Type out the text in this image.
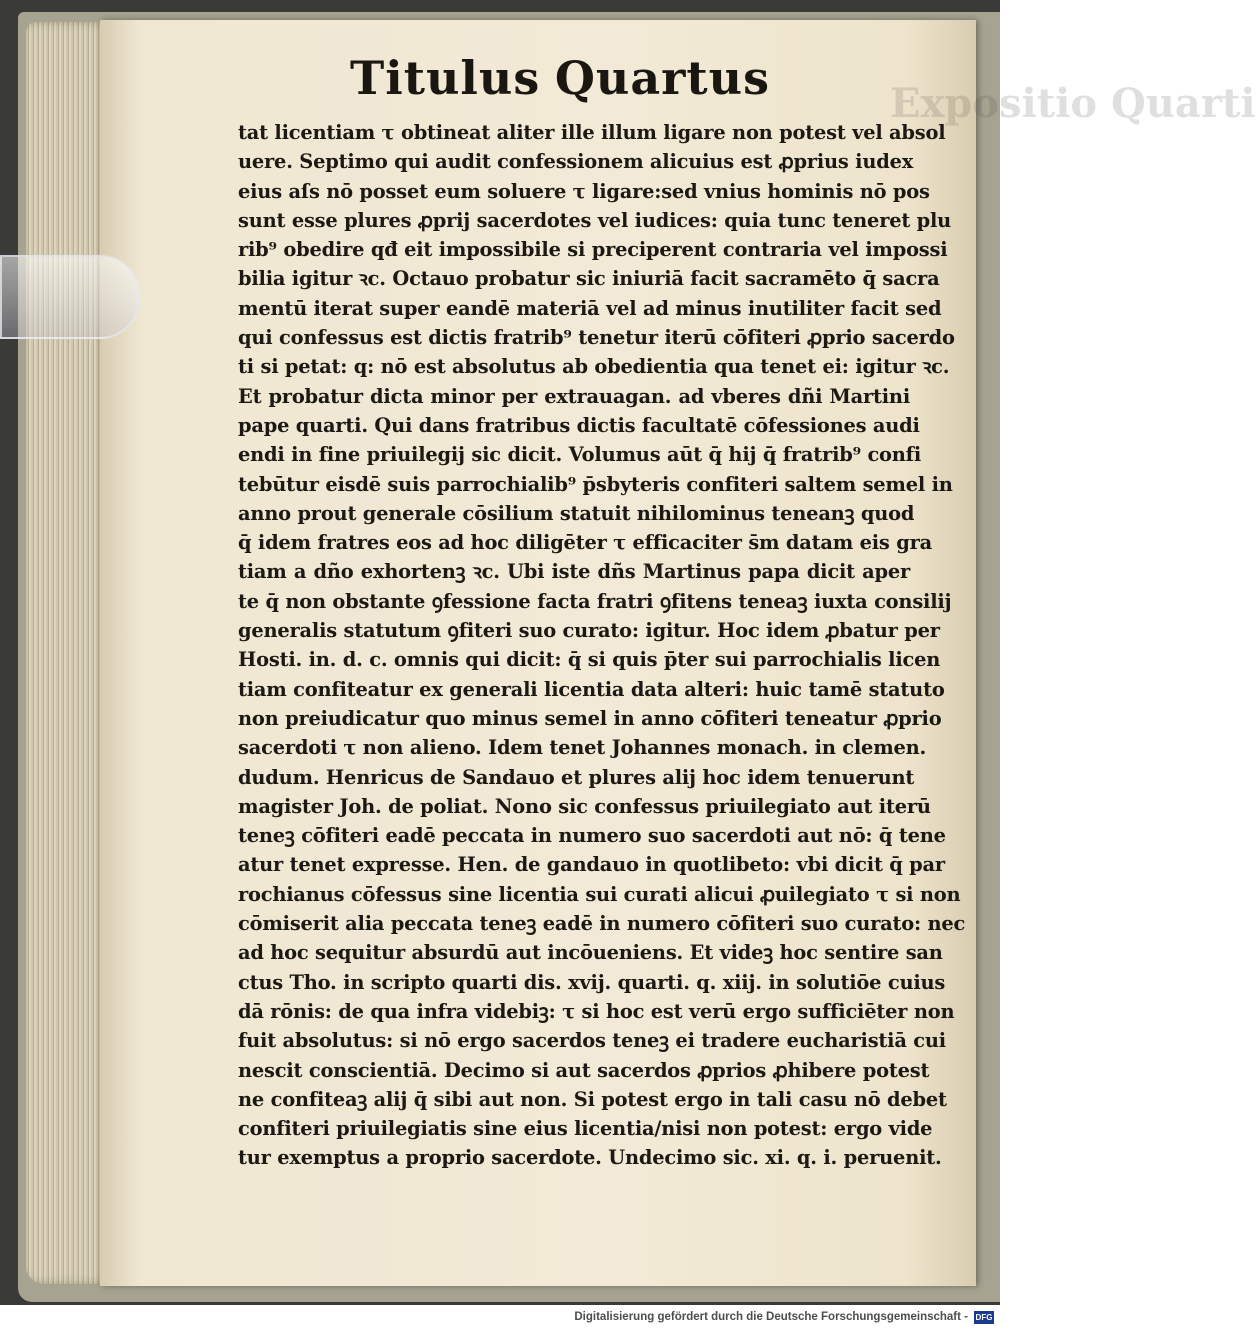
Expositio Quarti
Titulus Quartus
tat licentiam τ obtineat aliter ille illum ligare non potest vel absol
uere. Septimo qui audit confessionem alicuius est ꝓprius iudex
eius aſs nō posset eum soluere τ ligare:sed vnius hominis nō pos
sunt esse plures ꝓprij sacerdotes vel iudices: quia tunc teneret plu
rib⁹ obedire qđ eit impossibile si preciperent contraria vel impossi
bilia igitur ꝛc. Octauo probatur sic iniuriā facit sacramēto q̄ sacra
mentū iterat super eandē materiā vel ad minus inutiliter facit sed
qui confessus est dictis fratrib⁹ tenetur iterū cōfiteri ꝓprio sacerdo
ti si petat: q: nō est absolutus ab obedientia qua tenet ei: igitur ꝛc.
Et probatur dicta minor per extrauagan. ad vberes dñi Martini
pape quarti. Qui dans fratribus dictis facultatē cōfessiones audi
endi in fine priuilegij sic dicit. Volumus aūt q̄ hij q̄ fratrib⁹ confi
tebūtur eisdē suis parrochialib⁹ p̄sbyteris confiteri saltem semel in
anno prout generale cōsilium statuit nihilominus teneanꝫ quod
q̄ idem fratres eos ad hoc diligēter τ efficaciter s̄m datam eis gra
tiam a dño exhortenꝫ ꝛc. Ubi iste dñs Martinus papa dicit aper
te q̄ non obstante ꝯfessione facta fratri ꝯfitens teneaꝫ iuxta consilij
generalis statutum ꝯfiteri suo curato: igitur. Hoc idem ꝓbatur per
Hosti. in. d. c. omnis qui dicit: q̄ si quis p̄ter sui parrochialis licen
tiam confiteatur ex generali licentia data alteri: huic tamē statuto
non preiudicatur quo minus semel in anno cōfiteri teneatur ꝓprio
sacerdoti τ non alieno. Idem tenet Johannes monach. in clemen.
dudum. Henricus de Sandauo et plures alij hoc idem tenuerunt
magister Joh. de poliat. Nono sic confessus priuilegiato aut iterū
teneꝫ cōfiteri eadē peccata in numero suo sacerdoti aut nō: q̄ tene
atur tenet expresse. Hen. de gandauo in quotlibeto: vbi dicit q̄ par
rochianus cōfessus sine licentia sui curati alicui ꝓuilegiato τ si non
cōmiserit alia peccata teneꝫ eadē in numero cōfiteri suo curato: nec
ad hoc sequitur absurdū aut incōueniens. Et videꝫ hoc sentire san
ctus Tho. in scripto quarti dis. xvij. quarti. q. xiij. in solutiōe cuius
dā rōnis: de qua infra videbiꝫ: τ si hoc est verū ergo sufficiēter non
fuit absolutus: si nō ergo sacerdos teneꝫ ei tradere eucharistiā cui
nescit conscientiā. Decimo si aut sacerdos ꝓprios ꝓhibere potest
ne confiteaꝫ alij q̄ sibi aut non. Si potest ergo in tali casu nō debet
confiteri priuilegiatis sine eius licentia/nisi non potest: ergo vide
tur exemptus a proprio sacerdote. Undecimo sic. xi. q. i. peruenit.
Digitalisierung gefördert durch die Deutsche Forschungsgemeinschaft - DFG
